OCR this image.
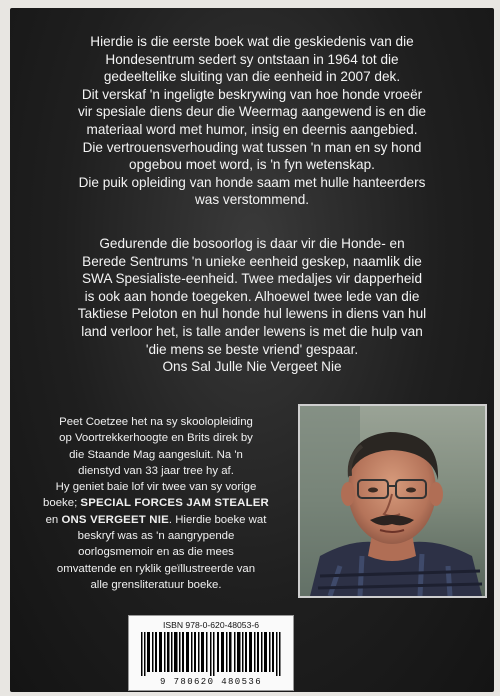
Hierdie is die eerste boek wat die geskiedenis van die

Hondesentrum sedert sy ontstaan in 1964 tot die

gedeeltelike sluiting van die eenheid in 2007 dek.

Dit verskaf 'n ingeligte beskrywing van hoe honde vroeër

vir spesiale diens deur die Weermag aangewend is en die

materiaal word met humor, insig en deernis aangebied.

Die vertrouensverhouding wat tussen 'n man en sy hond

opgebou moet word, is 'n fyn wetenskap.

Die puik opleiding van honde saam met hulle hanteerders

was verstommend.

Gedurende die bosoorlog is daar vir die Honde- en

Berede Sentrums 'n unieke eenheid geskep, naamlik die

SWA Spesialiste-eenheid. Twee medaljes vir dapperheid

is ook aan honde toegeken. Alhoewel twee lede van die

Taktiese Peloton en hul honde hul lewens in diens van hul

land verloor het, is talle ander lewens is met die hulp van

'die mens se beste vriend' gespaar.

Ons Sal Julle Nie Vergeet Nie

Peet Coetzee het na sy skoolopleiding

op Voortrekkerhoogte en Brits direk by

die Staande Mag aangesluit. Na 'n

dienstyd van 33 jaar tree hy af.

Hy geniet baie lof vir twee van sy vorige

boeke; SPECIAL FORCES JAM STEALER

en ONS VERGEET NIE. Hierdie boeke wat

beskryf was as 'n aangrypende

oorlogsmemoir en as die mees

omvattende en ryklik geïllustreerde van

alle grensliteratuur boeke.

ISBN 978-0-620-48053-6
9 780620 480536
